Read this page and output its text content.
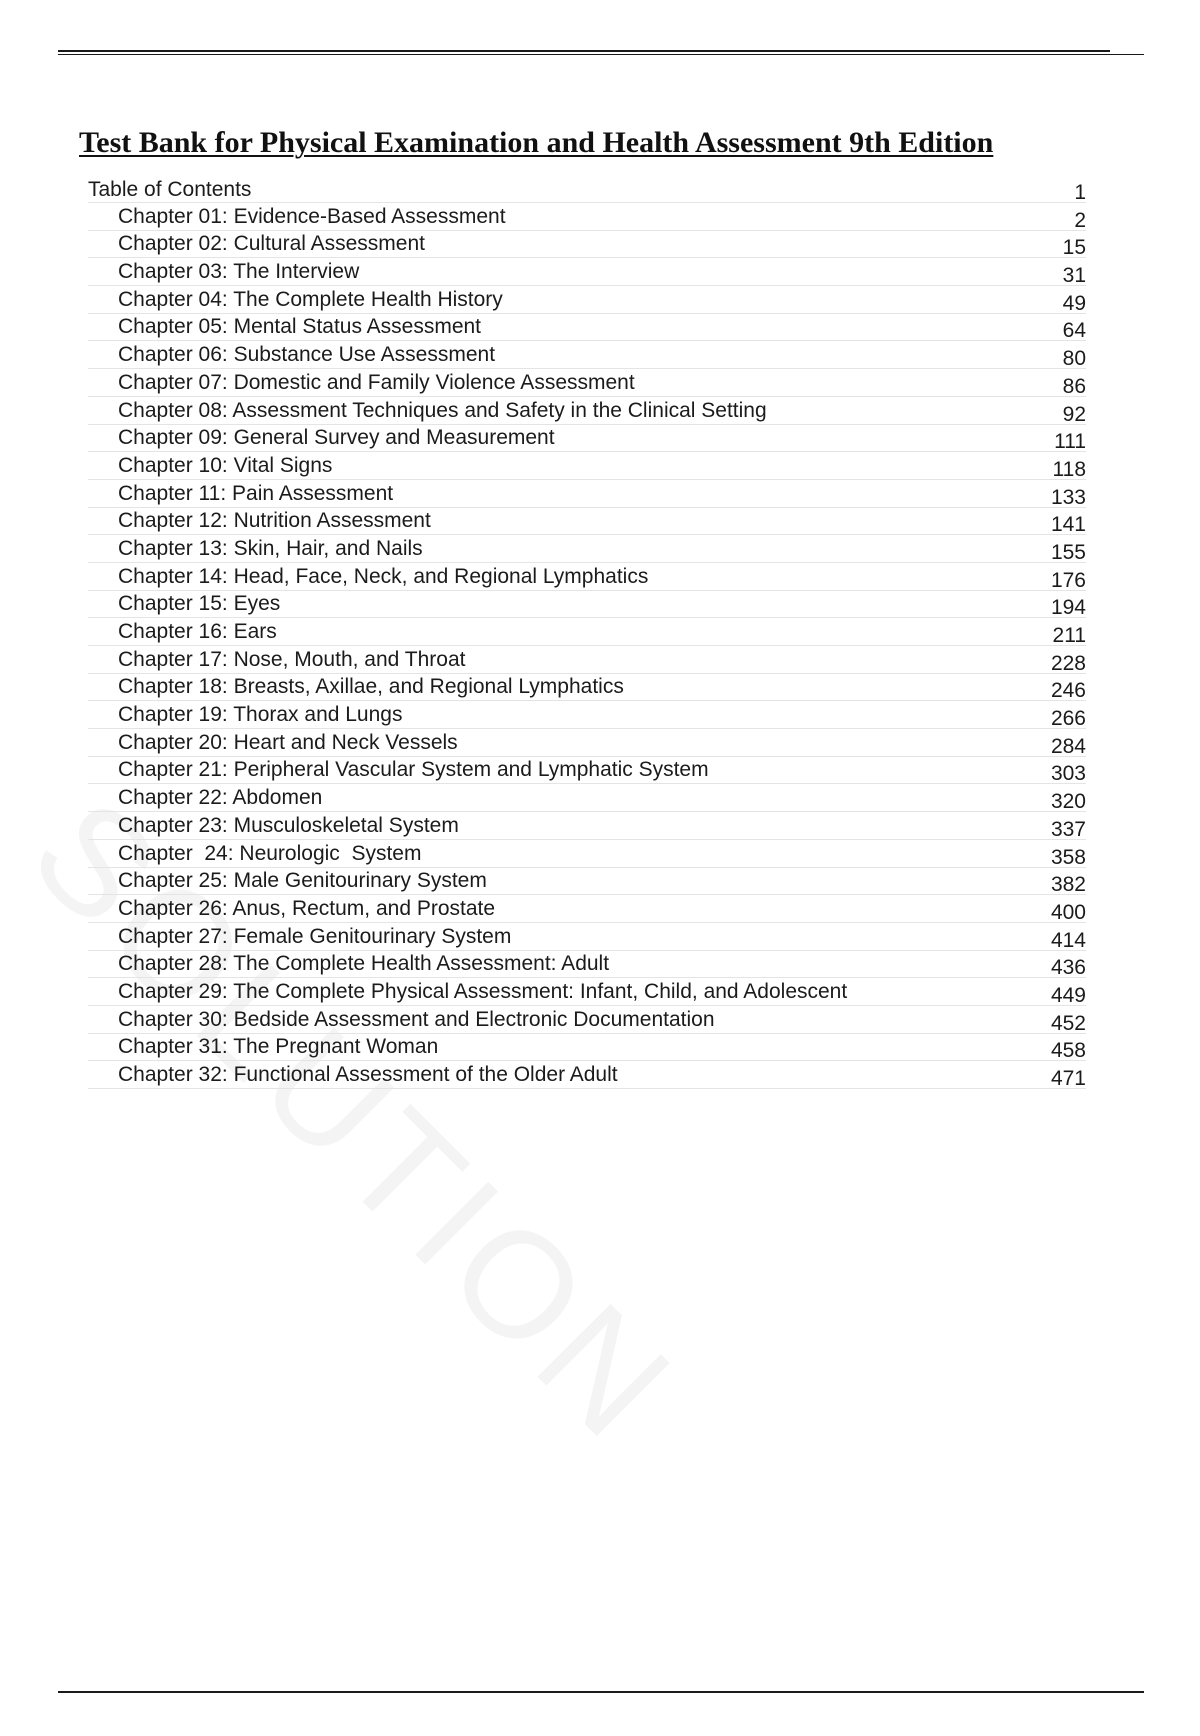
Test Bank for Physical Examination and Health Assessment 9th Edition
Table of Contents	1
Chapter 01: Evidence-Based Assessment	2
Chapter 02: Cultural Assessment	15
Chapter 03: The Interview	31
Chapter 04: The Complete Health History	49
Chapter 05: Mental Status Assessment	64
Chapter 06: Substance Use Assessment	80
Chapter 07: Domestic and Family Violence Assessment	86
Chapter 08: Assessment Techniques and Safety in the Clinical Setting	92
Chapter 09: General Survey and Measurement	111
Chapter 10: Vital Signs	118
Chapter 11: Pain Assessment	133
Chapter 12: Nutrition Assessment	141
Chapter 13: Skin, Hair, and Nails	155
Chapter 14: Head, Face, Neck, and Regional Lymphatics	176
Chapter 15: Eyes	194
Chapter 16: Ears	211
Chapter 17: Nose, Mouth, and Throat	228
Chapter 18: Breasts, Axillae, and Regional Lymphatics	246
Chapter 19: Thorax and Lungs	266
Chapter 20: Heart and Neck Vessels	284
Chapter 21: Peripheral Vascular System and Lymphatic System	303
Chapter 22: Abdomen	320
Chapter 23: Musculoskeletal System	337
Chapter  24: Neurologic  System	358
Chapter 25: Male Genitourinary System	382
Chapter 26: Anus, Rectum, and Prostate	400
Chapter 27: Female Genitourinary System	414
Chapter 28: The Complete Health Assessment: Adult	436
Chapter 29: The Complete Physical Assessment: Infant, Child, and Adolescent	449
Chapter 30: Bedside Assessment and Electronic Documentation	452
Chapter 31: The Pregnant Woman	458
Chapter 32: Functional Assessment of the Older Adult	471
